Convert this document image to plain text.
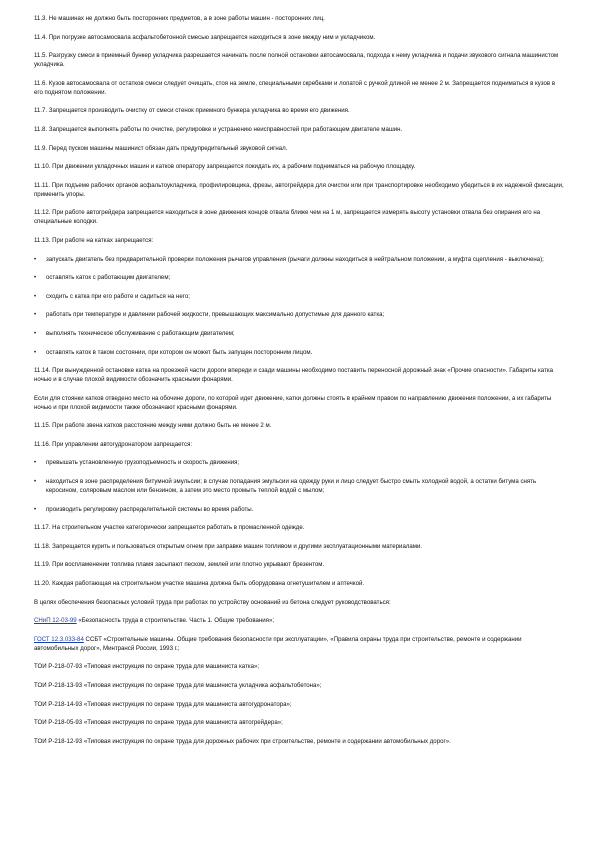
11.3. Не машинах не должно быть посторонних предметов, а в зоне работы машин - посторонних лиц.

11.4. При погрузке автосамосвала асфальтобетонной смесью запрещается находиться в зоне между ним и укладчиком.

11.5. Разгрузку смеси в приемный бункер укладчика разрешается начинать после полной остановки автосамосвала, подхода к нему укладчика и подачи звукового сигнала машинистом укладчика.

11.6. Кузов автосамосвала от остатков смеси следует очищать, стоя на земле, специальными скребками и лопатой с ручкой длиной не менее 2 м. Запрещается подниматься в кузов в его поднятом положении.

11.7. Запрещается производить очистку от смеси стенок приемного бункера укладчика во время его движения.

11.8. Запрещается выполнять работы по очистке, регулировке и устранению неисправностей при работающем двигателе машин.

11.9. Перед пуском машины машинист обязан дать предупредительный звуковой сигнал.

11.10. При движении укладочных машин и катков оператору запрещается покидать их, а рабочим подниматься на рабочую площадку.

11.11. При подъеме рабочих органов асфальтоукладчика, профилировщика, фрезы, автогрейдера для очистки или при транспортировке необходимо убедиться в их надежной фиксации, применить упоры.

11.12. При работе автогрейдера запрещается находиться в зоне движения концов отвала ближе чем на 1 м, запрещается измерять высоту установки отвала без опирания его на специальные колодки.

11.13. При работе на катках запрещается:

•	запускать двигатель без предварительной проверки положения рычагов управления (рычаги должны находиться в нейтральном положении, а муфта сцепления - выключена);

•	оставлять каток с работающим двигателем;

•	сходить с катка при его работе и садиться на него;

•	работать при температуре и давлении рабочей жидкости, превышающих максимально допустимые для данного катка;

•	выполнять техническое обслуживание с работающим двигателем;

•	оставлять каток в таком состоянии, при котором он может быть запущен посторонним лицом.

11.14. При вынужденной остановке катка на проезжей части дороги впереди и сзади машины необходимо поставить переносной дорожный знак «Прочие опасности». Габариты катка ночью и в случае плохой видимости обозначить красными фонарями.

Если для стоянки катков отведено место на обочине дороги, по которой идет движение, катки должны стоять в крайнем правом по направлению движения положении, а их габариты ночью и при плохой видимости также обозначают красными фонарями.

11.15. При работе звена катков расстояние между ними должно быть не менее 2 м.

11.16. При управлении автогудронатором запрещается:

•	превышать установленную грузоподъемность и скорость движения;

•	находиться в зоне распределения битумной эмульсии; в случае попадания эмульсии на одежду руки и лицо следует быстро смыть холодной водой, а остатки битума снять керосином, соляровым маслом или бензином, а затем это место промыть теплой водой с мылом;

•	производить регулировку распределительной системы во время работы.

11.17. На строительном участке категорически запрещается работать в промасленной одежде.

11.18. Запрещается курить и пользоваться открытым огнем при заправке машин топливом и другими эксплуатационными материалами.

11.19. При воспламенении топлива пламя засыпают песком, землей или плотно укрывают брезентом.

11.20. Каждая работающая на строительном участке машина должна быть оборудована огнетушителем и аптечкой.

В целях обеспечения безопасных условий труда при работах по устройству оснований из бетона следует руководствоваться:

СНиП 12-03-99 «Безопасность труда в строительстве. Часть 1. Общие требования»;

ГОСТ 12.3.033-84 ССБТ «Строительные машины. Общие требования безопасности при эксплуатации», «Правила охраны труда при строительстве, ремонте и содержании автомобильных дорог», Минтрансй России, 1993 г.;

ТОИ Р-218-07-93 «Типовая инструкция по охране труда для машиниста катка»;

ТОИ Р-218-13-93 «Типовая инструкция по охране труда для машиниста укладчика асфальтобетона»;

ТОИ Р-218-14-93 «Типовая инструкция по охране труда для машиниста автогудронатора»;

ТОИ Р-218-05-93 «Типовая инструкция по охране труда для машиниста автогрейдера»;

ТОИ Р-218-12-93 «Типовая инструкция по охране труда для дорожных рабочих при строительстве, ремонте и содержании автомобильных дорог».
